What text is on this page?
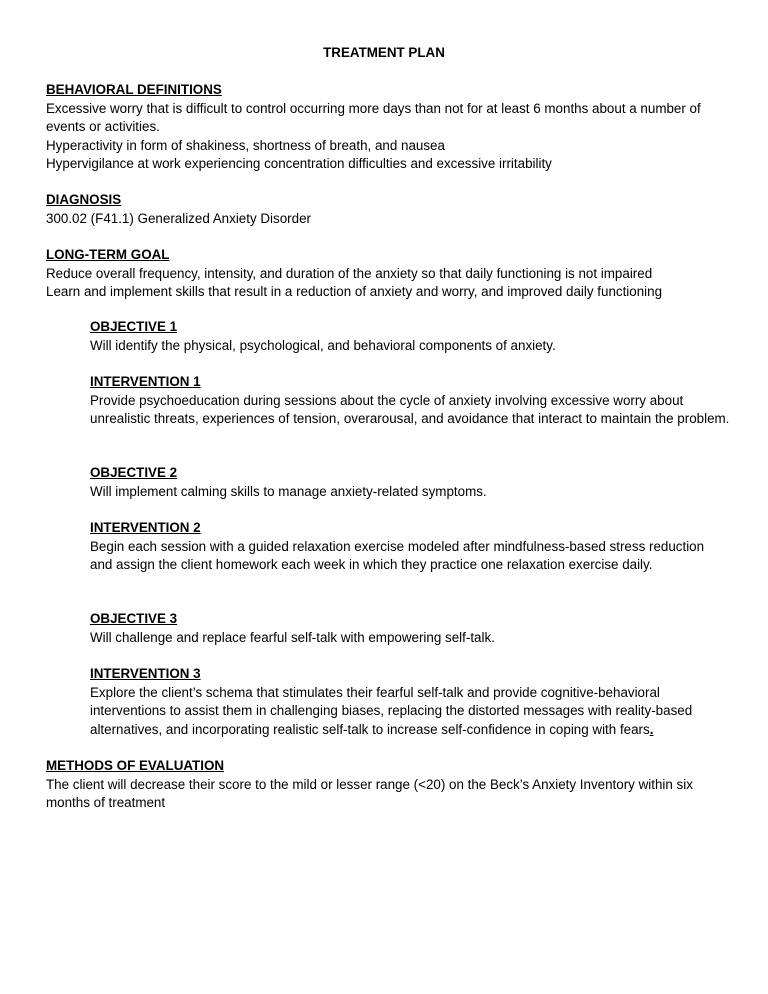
TREATMENT PLAN
BEHAVIORAL DEFINITIONS
Excessive worry that is difficult to control occurring more days than not for at least 6 months about a number of events or activities.
Hyperactivity in form of shakiness, shortness of breath, and nausea
Hypervigilance at work experiencing concentration difficulties and excessive irritability
DIAGNOSIS
300.02 (F41.1) Generalized Anxiety Disorder
LONG-TERM GOAL
Reduce overall frequency, intensity, and duration of the anxiety so that daily functioning is not impaired
Learn and implement skills that result in a reduction of anxiety and worry, and improved daily functioning
OBJECTIVE 1
Will identify the physical, psychological, and behavioral components of anxiety.
INTERVENTION 1
Provide psychoeducation during sessions about the cycle of anxiety involving excessive worry about unrealistic threats, experiences of tension, overarousal, and avoidance that interact to maintain the problem.
OBJECTIVE 2
Will implement calming skills to manage anxiety-related symptoms.
INTERVENTION 2
Begin each session with a guided relaxation exercise modeled after mindfulness-based stress reduction and assign the client homework each week in which they practice one relaxation exercise daily.
OBJECTIVE 3
Will challenge and replace fearful self-talk with empowering self-talk.
INTERVENTION 3
Explore the client’s schema that stimulates their fearful self-talk and provide cognitive-behavioral interventions to assist them in challenging biases, replacing the distorted messages with reality-based alternatives, and incorporating realistic self-talk to increase self-confidence in coping with fears.
METHODS OF EVALUATION
The client will decrease their score to the mild or lesser range (<20) on the Beck’s Anxiety Inventory within six months of treatment
